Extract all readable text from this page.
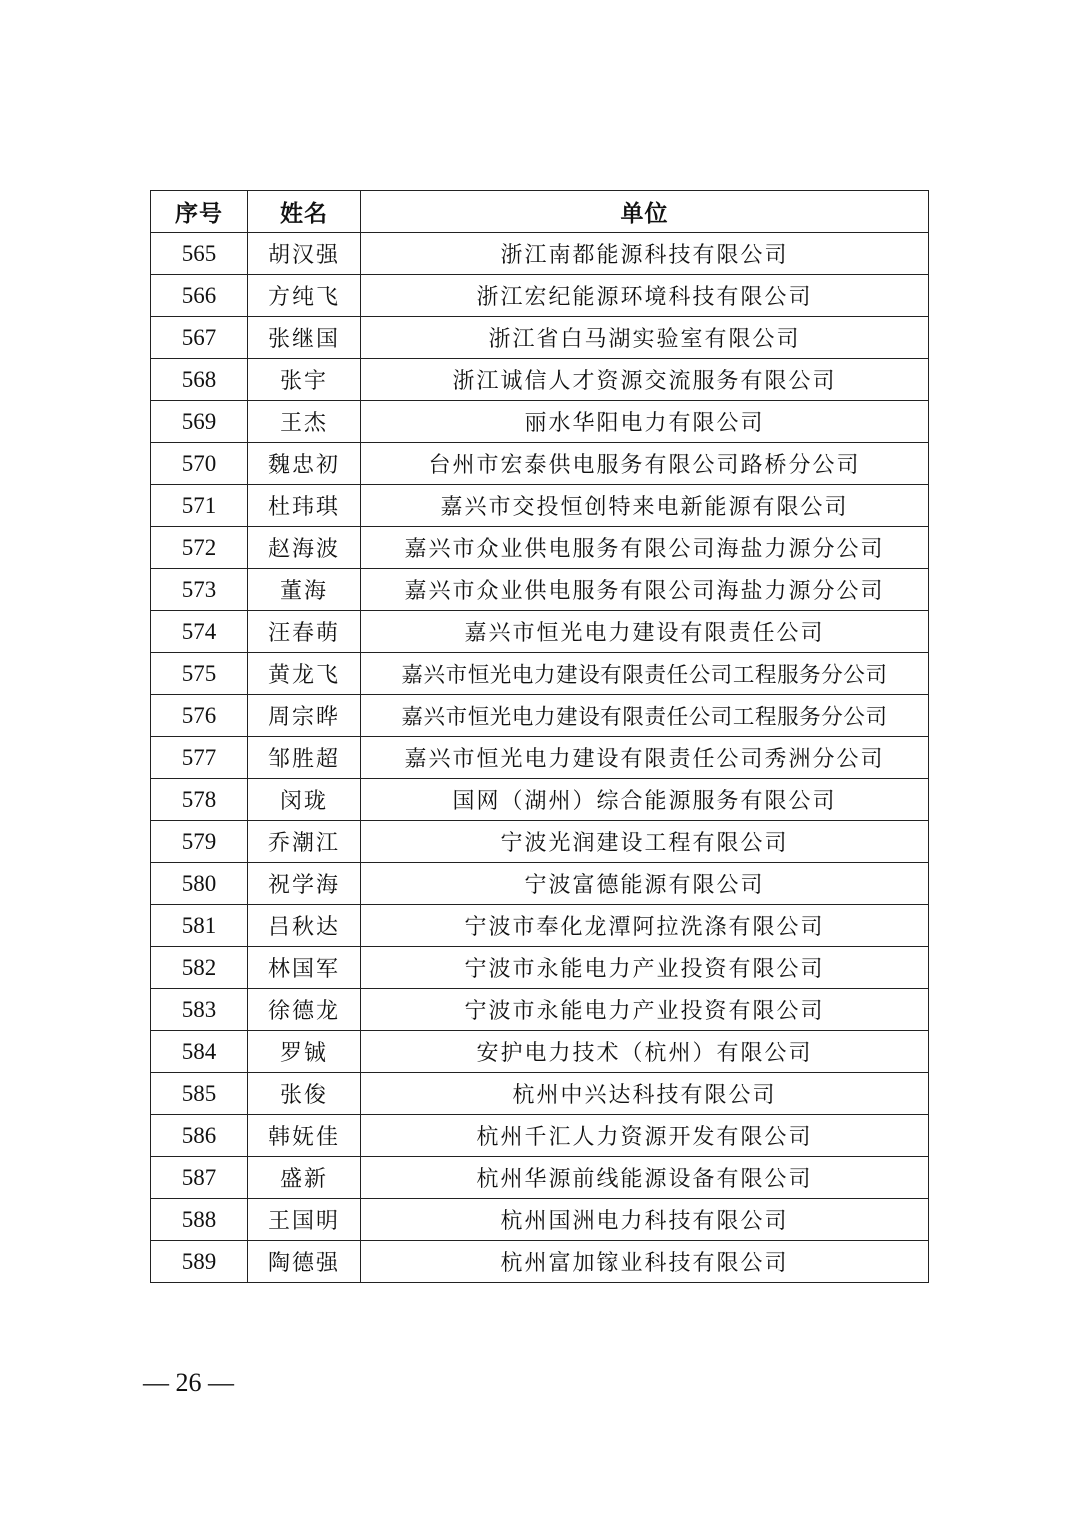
序号	姓名	单位
565	胡汉强	浙江南都能源科技有限公司
566	方纯飞	浙江宏纪能源环境科技有限公司
567	张继国	浙江省白马湖实验室有限公司
568	张宇	浙江诚信人才资源交流服务有限公司
569	王杰	丽水华阳电力有限公司
570	魏忠初	台州市宏泰供电服务有限公司路桥分公司
571	杜玮琪	嘉兴市交投恒创特来电新能源有限公司
572	赵海波	嘉兴市众业供电服务有限公司海盐力源分公司
573	董海	嘉兴市众业供电服务有限公司海盐力源分公司
574	汪春萌	嘉兴市恒光电力建设有限责任公司
575	黄龙飞	嘉兴市恒光电力建设有限责任公司工程服务分公司
576	周宗晔	嘉兴市恒光电力建设有限责任公司工程服务分公司
577	邹胜超	嘉兴市恒光电力建设有限责任公司秀洲分公司
578	闵珑	国网（湖州）综合能源服务有限公司
579	乔潮江	宁波光润建设工程有限公司
580	祝学海	宁波富德能源有限公司
581	吕秋达	宁波市奉化龙潭阿拉洗涤有限公司
582	林国军	宁波市永能电力产业投资有限公司
583	徐德龙	宁波市永能电力产业投资有限公司
584	罗铖	安护电力技术（杭州）有限公司
585	张俊	杭州中兴达科技有限公司
586	韩妩佳	杭州千汇人力资源开发有限公司
587	盛新	杭州华源前线能源设备有限公司
588	王国明	杭州国洲电力科技有限公司
589	陶德强	杭州富加镓业科技有限公司
— 26 —
